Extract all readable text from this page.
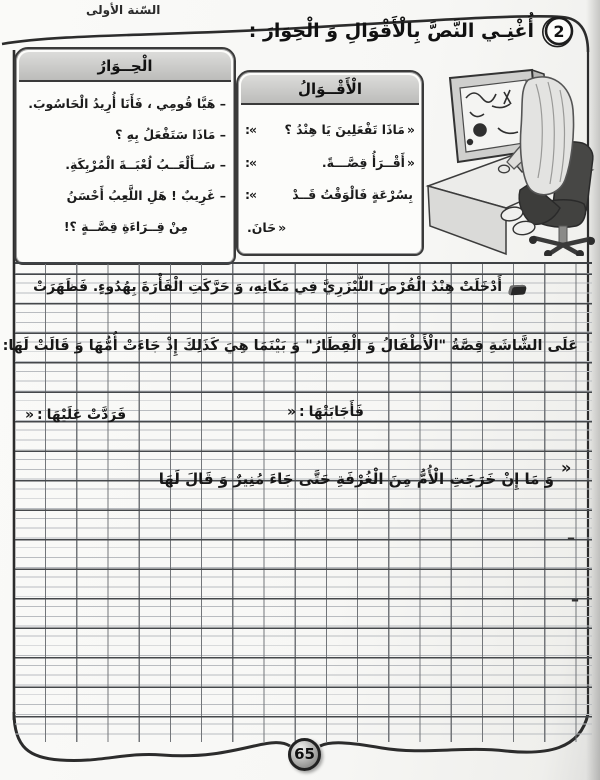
السّنة الأولى
2
أُغْنِـي النَّصَّ بِالْأَقْوَالِ وَ الْحِوَارَ :
الْحِــوَارُ
– هَيَّا قُومِي ، فَأَنَا أُرِيدُ الْحَاسُوبَ.
– مَاذَا سَتَفْعَلُ بِهِ ؟
– سَــأَلْعَــبُ لُعْبَــةَ الْمُرْبِكَةِ.
– غَرِيبٌ ! هَلِ اللَّعِبُ أَحْسَنُ
مِنْ قِــرَاءَةِ قِصَّــةٍ ؟!
الْأَقْــوَالُ
:«	مَاذَا تَفْعَلِينَ يَا هِنْدُ ؟ »
:«	أَقْــرَأُ قِصَّـــةً. »
:«	بِسُرْعَةٍ فَالْوَقْتُ قَــدْ
حَانَ. »
أَدْخَلَتْ هِنْدُ الْقُرْصَ اللَّيْزَرِيَّ فِي مَكَانِهِ، وَ حَرَّكَتِ الْفَأْرَةَ بِهُدُوءٍ. فَظَهَرَتْ
عَلَى الشَّاشَةِ قِصَّةُ "الْأَطْفَالُ وَ الْقِطَارُ" وَ بَيْنَمَا هِيَ كَذَلِكَ إِذْ جَاءَتْ أُمُّهَا وَ قَالَتْ لَهَا:
» : فَأَجَابَتْهَا
» : فَرَدَّتْ عَلَيْهَا
»
وَ مَا إِنْ خَرَجَتِ الْأُمُّ مِنَ الْغُرْفَةِ حَتَّى جَاءَ مُنِيرٌ وَ قَالَ لَهَا
–
–
65
